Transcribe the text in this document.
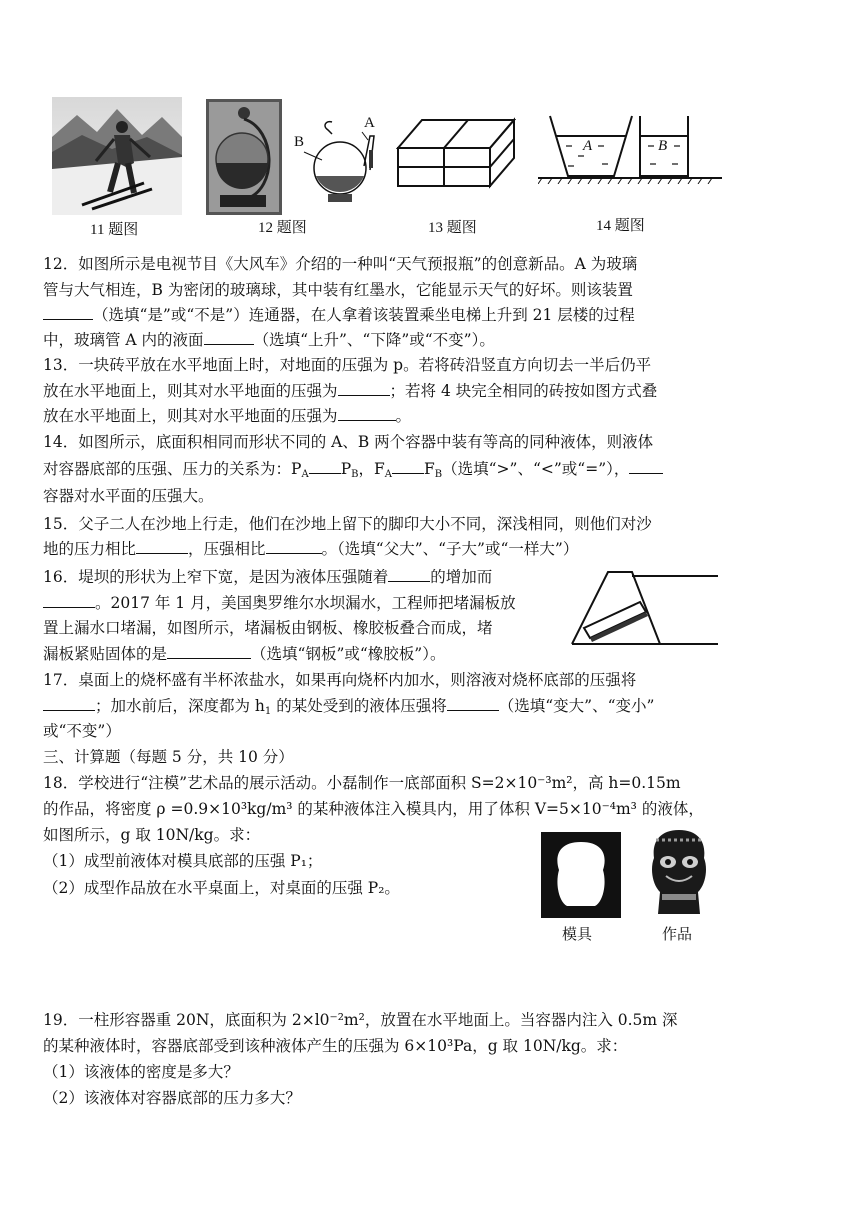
B
A
A	B
11 题图	12 题图	13 题图	14 题图
12．如图所示是电视节目《大风车》介绍的一种叫“天气预报瓶”的创意新品。A 为玻璃
管与大气相连，B 为密闭的玻璃球，其中装有红墨水，它能显示天气的好坏。则该装置
（选填“是”或“不是”）连通器，在人拿着该装置乘坐电梯上升到 21 层楼的过程
中，玻璃管 A 内的液面	（选填“上升”、“下降”或“不变”）。
13．一块砖平放在水平地面上时，对地面的压强为 p。若将砖沿竖直方向切去一半后仍平
放在水平地面上，则其对水平地面的压强为	；若将 4 块完全相同的砖按如图方式叠
放在水平地面上，则其对水平地面的压强为	。
14．如图所示，底面积相同而形状不同的 A、B 两个容器中装有等高的同种液体，则液体
对容器底部的压强、压力的关系为：$P_A$ $P_B$，$F_A$ $F_B$（选填“>”、“<”或“=”），
容器对水平面的压强大。
15．父子二人在沙地上行走，他们在沙地上留下的脚印大小不同，深浅相同，则他们对沙
地的压力相比	，压强相比	。（选填“父大”、“子大”或“一样大”）
16．堤坝的形状为上窄下宽，是因为液体压强随着	的增加而
。2017 年 1 月，美国奥罗维尔水坝漏水，工程师把堵漏板放
置上漏水口堵漏，如图所示，堵漏板由钢板、橡胶板叠合而成，堵
漏板紧贴固体的是	（选填“钢板”或“橡胶板”）。
17．桌面上的烧杯盛有半杯浓盐水，如果再向烧杯内加水，则溶液对烧杯底部的压强将
；加水前后，深度都为 $h_1$ 的某处受到的液体压强将	（选填“变大”、“变小”
或“不变”）
三、计算题（每题 5 分，共 10 分）
18．学校进行“注模”艺术品的展示活动。小磊制作一底部面积 S=2×10⁻³m²，高 h=0.15m
的作品，将密度 ρ =0.9×10³kg/m³ 的某种液体注入模具内，用了体积 V=5×10⁻⁴m³ 的液体，
如图所示，g 取 10N/kg。求：
（1）成型前液体对模具底部的压强 P₁；
（2）成型作品放在水平桌面上，对桌面的压强 P₂。
模具	作品
19．一柱形容器重 20N，底面积为 2×l0⁻²m²，放置在水平地面上。当容器内注入 0.5m 深
的某种液体时，容器底部受到该种液体产生的压强为 6×10³Pa，g 取 10N/kg。求：
（1）该液体的密度是多大？
（2）该液体对容器底部的压力多大？
